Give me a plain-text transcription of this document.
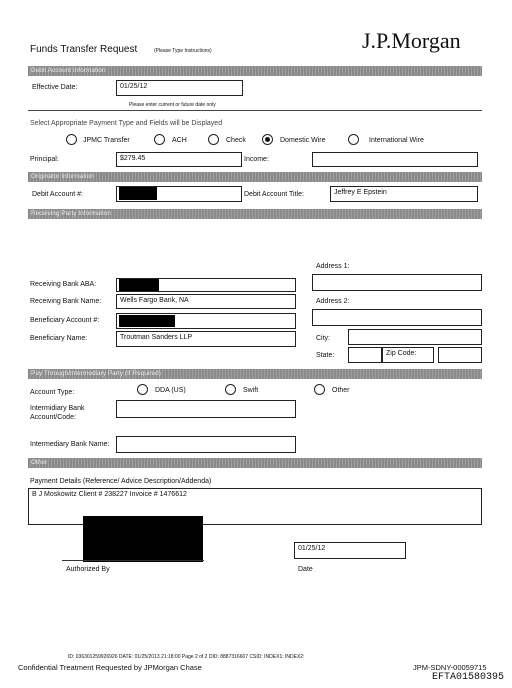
Funds Transfer Request	(Please Type Instructions)	J.P.Morgan
Debit Account Information
Effective Date:	01/25/12
Please enter current or future date only
Select Appropriate Payment Type and Fields will be Displayed
JPMC Transfer	ACH	Check	Domestic Wire	International Wire
Principal:	$279.45	Income:
Originator Information
Debit Account #:	Debit Account Title:	Jeffrey E Epstein
Receiving Party Information
Address 1:
Receiving Bank ABA:
Receiving Bank Name:	Wells Fargo Bank, NA	Address 2:
Beneficiary Account #:
Beneficiary Name:	Troutman Sanders LLP	City:
State:	Zip Code:
Pay Through/Intermediary Party (If Required)
Account Type:	DDA (US)	Swift	Other
Intermidiary Bank
Account/Code:
Intermediary Bank Name:
Other
Payment Details (Reference/ Advice Description/Addenda)
B J Moskowitz Client # 238227 Invoice # 1476612
Authorized By
01/25/12
Date
ID: 036301259926926 DATE: 01/25/2013 21:18:00 Page 2 of 2 DID: 8887316607 CSID: INDEX1: INDEX2:
Confidential Treatment Requested by JPMorgan Chase	JPM-SDNY-00059715
EFTA01580395
